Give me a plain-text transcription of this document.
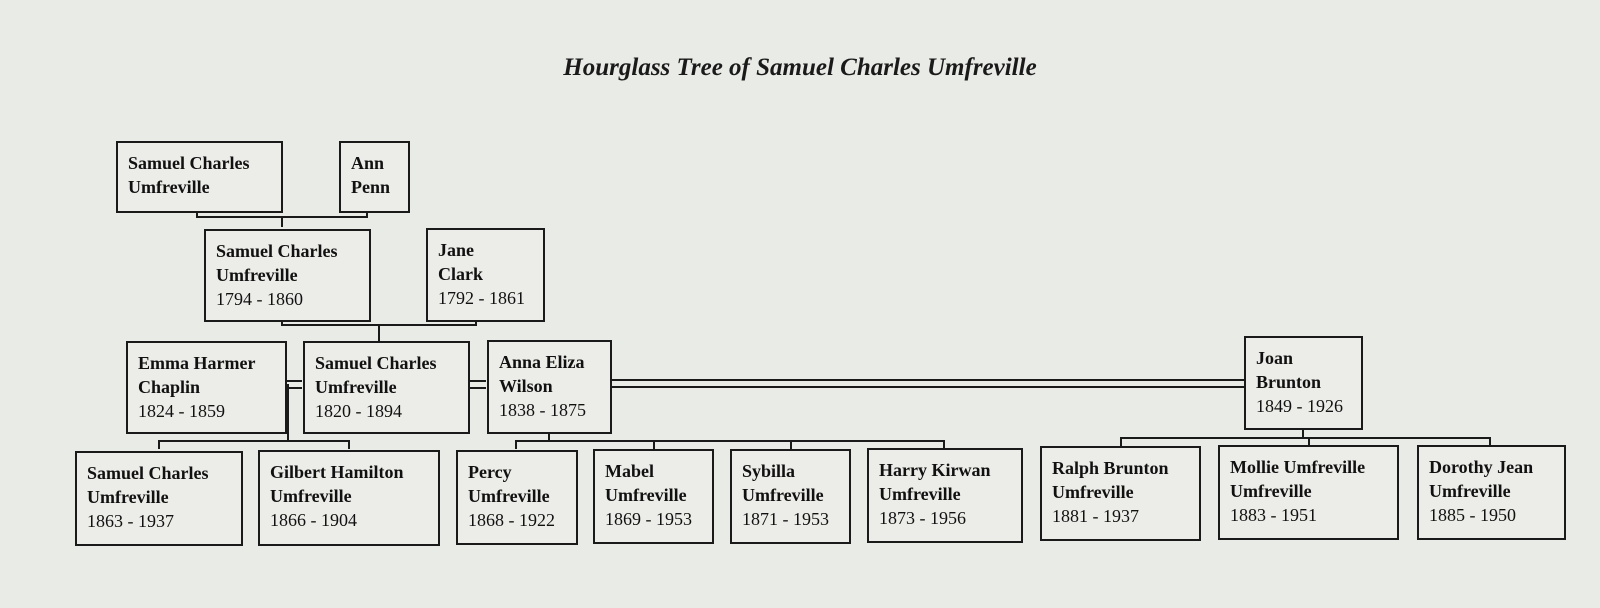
Hourglass Tree of Samuel Charles Umfreville
Samuel Charles
Umfreville
Ann
Penn
Samuel Charles
Umfreville
1794 - 1860
Jane
Clark
1792 - 1861
Emma Harmer
Chaplin
1824 - 1859
Samuel Charles
Umfreville
1820 - 1894
Anna Eliza
Wilson
1838 - 1875
Joan
Brunton
1849 - 1926
Samuel Charles
Umfreville
1863 - 1937
Gilbert Hamilton
Umfreville
1866 - 1904
Percy
Umfreville
1868 - 1922
Mabel
Umfreville
1869 - 1953
Sybilla
Umfreville
1871 - 1953
Harry Kirwan
Umfreville
1873 - 1956
Ralph Brunton
Umfreville
1881 - 1937
Mollie Umfreville
Umfreville
1883 - 1951
Dorothy Jean
Umfreville
1885 - 1950
